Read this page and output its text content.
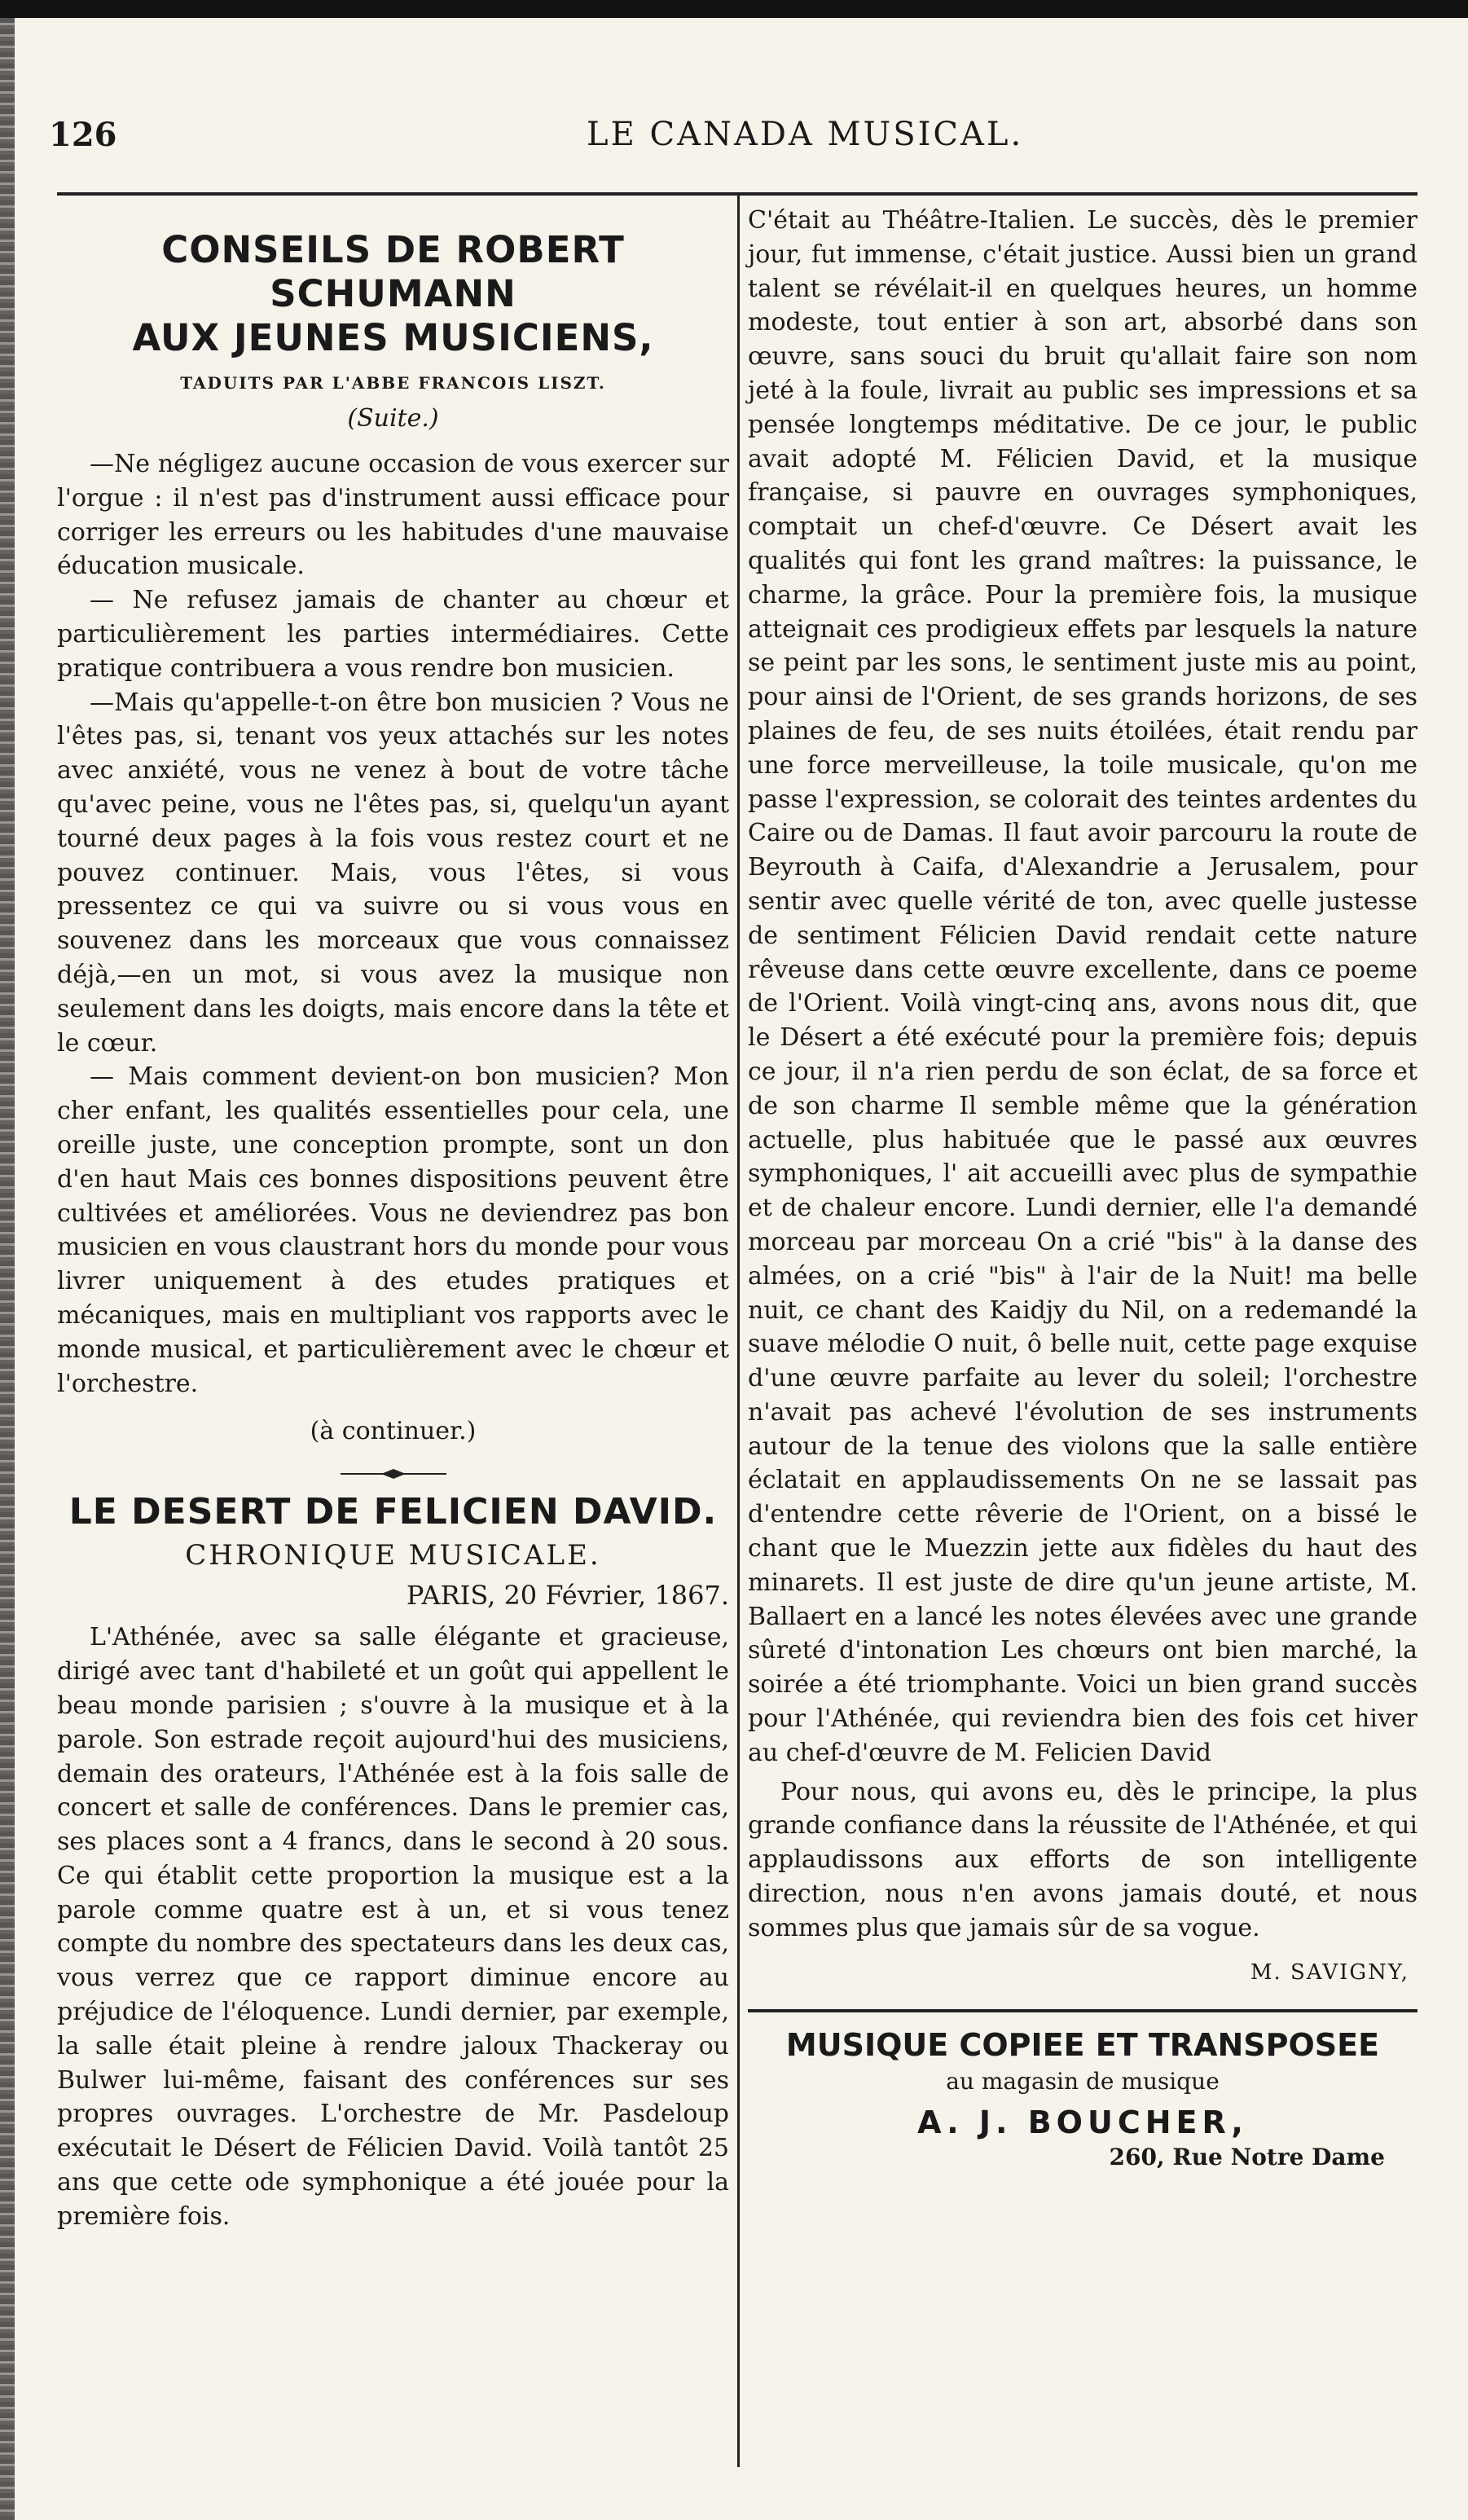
126	LE CANADA MUSICAL.
CONSEILS DE ROBERT SCHUMANN
AUX JEUNES MUSICIENS,
TADUITS PAR L'ABBE FRANCOIS LISZT.
(Suite.)

—Ne négligez aucune occasion de vous exercer sur l'orgue : il n'est pas d'instrument aussi efficace pour corriger les erreurs ou les habitudes d'une mauvaise éducation musicale.

— Ne refusez jamais de chanter au chœur et particulièrement les parties intermédiaires. Cette pratique contribuera a vous rendre bon musicien.

—Mais qu'appelle-t-on être bon musicien ? Vous ne l'êtes pas, si, tenant vos yeux attachés sur les notes avec anxiété, vous ne venez à bout de votre tâche qu'avec peine, vous ne l'êtes pas, si, quelqu'un ayant tourné deux pages à la fois vous restez court et ne pouvez continuer. Mais, vous l'êtes, si vous pressentez ce qui va suivre ou si vous vous en souvenez dans les morceaux que vous connaissez déjà,—en un mot, si vous avez la musique non seulement dans les doigts, mais encore dans la tête et le cœur.

— Mais comment devient-on bon musicien? Mon cher enfant, les qualités essentielles pour cela, une oreille juste, une conception prompte, sont un don d'en haut Mais ces bonnes dispositions peuvent être cultivées et améliorées. Vous ne deviendrez pas bon musicien en vous claustrant hors du monde pour vous livrer uniquement à des etudes pratiques et mécaniques, mais en multipliant vos rapports avec le monde musical, et particulièrement avec le chœur et l'orchestre.

(à continuer.)
LE DESERT DE FELICIEN DAVID.
CHRONIQUE MUSICALE.
PARIS, 20 Février, 1867.

L'Athénée, avec sa salle élégante et gracieuse, dirigé avec tant d'habileté et un goût qui appellent le beau monde parisien ; s'ouvre à la musique et à la parole. Son estrade reçoit aujourd'hui des musiciens, demain des orateurs, l'Athénée est à la fois salle de concert et salle de conférences. Dans le premier cas, ses places sont a 4 francs, dans le second à 20 sous. Ce qui établit cette proportion la musique est a la parole comme quatre est à un, et si vous tenez compte du nombre des spectateurs dans les deux cas, vous verrez que ce rapport diminue encore au préjudice de l'éloquence. Lundi dernier, par exemple, la salle était pleine à rendre jaloux Thackeray ou Bulwer lui-même, faisant des conférences sur ses propres ouvrages. L'orchestre de Mr. Pasdeloup exécutait le Désert de Félicien David. Voilà tantôt 25 ans que cette ode symphonique a été jouée pour la première fois.

C'était au Théâtre-Italien. Le succès, dès le premier jour, fut immense, c'était justice. Aussi bien un grand talent se révélait-il en quelques heures, un homme modeste, tout entier à son art, absorbé dans son œuvre, sans souci du bruit qu'allait faire son nom jeté à la foule, livrait au public ses impressions et sa pensée longtemps méditative. De ce jour, le public avait adopté M. Félicien David, et la musique française, si pauvre en ouvrages symphoniques, comptait un chef-d'œuvre. Ce Désert avait les qualités qui font les grand maîtres: la puissance, le charme, la grâce. Pour la première fois, la musique atteignait ces prodigieux effets par lesquels la nature se peint par les sons, le sentiment juste mis au point, pour ainsi de l'Orient, de ses grands horizons, de ses plaines de feu, de ses nuits étoilées, était rendu par une force merveilleuse, la toile musicale, qu'on me passe l'expression, se colorait des teintes ardentes du Caire ou de Damas. Il faut avoir parcouru la route de Beyrouth à Caifa, d'Alexandrie a Jerusalem, pour sentir avec quelle vérité de ton, avec quelle justesse de sentiment Félicien David rendait cette nature rêveuse dans cette œuvre excellente, dans ce poeme de l'Orient. Voilà vingt-cinq ans, avons nous dit, que le Désert a été exécuté pour la première fois; depuis ce jour, il n'a rien perdu de son éclat, de sa force et de son charme Il semble même que la génération actuelle, plus habituée que le passé aux œuvres symphoniques, l' ait accueilli avec plus de sympathie et de chaleur encore. Lundi dernier, elle l'a demandé morceau par morceau On a crié "bis" à la danse des almées, on a crié "bis" à l'air de la Nuit! ma belle nuit, ce chant des Kaidjy du Nil, on a redemandé la suave mélodie O nuit, ô belle nuit, cette page exquise d'une œuvre parfaite au lever du soleil; l'orchestre n'avait pas achevé l'évolution de ses instruments autour de la tenue des violons que la salle entière éclatait en applaudissements On ne se lassait pas d'entendre cette rêverie de l'Orient, on a bissé le chant que le Muezzin jette aux fidèles du haut des minarets. Il est juste de dire qu'un jeune artiste, M. Ballaert en a lancé les notes élevées avec une grande sûreté d'intonation Les chœurs ont bien marché, la soirée a été triomphante. Voici un bien grand succès pour l'Athénée, qui reviendra bien des fois cet hiver au chef-d'œuvre de M. Felicien David

Pour nous, qui avons eu, dès le principe, la plus grande confiance dans la réussite de l'Athénée, et qui applaudissons aux efforts de son intelligente direction, nous n'en avons jamais douté, et nous sommes plus que jamais sûr de sa vogue.

M. SAVIGNY,
MUSIQUE COPIEE ET TRANSPOSEE
au magasin de musique
A. J. BOUCHER,
260, Rue Notre Dame
